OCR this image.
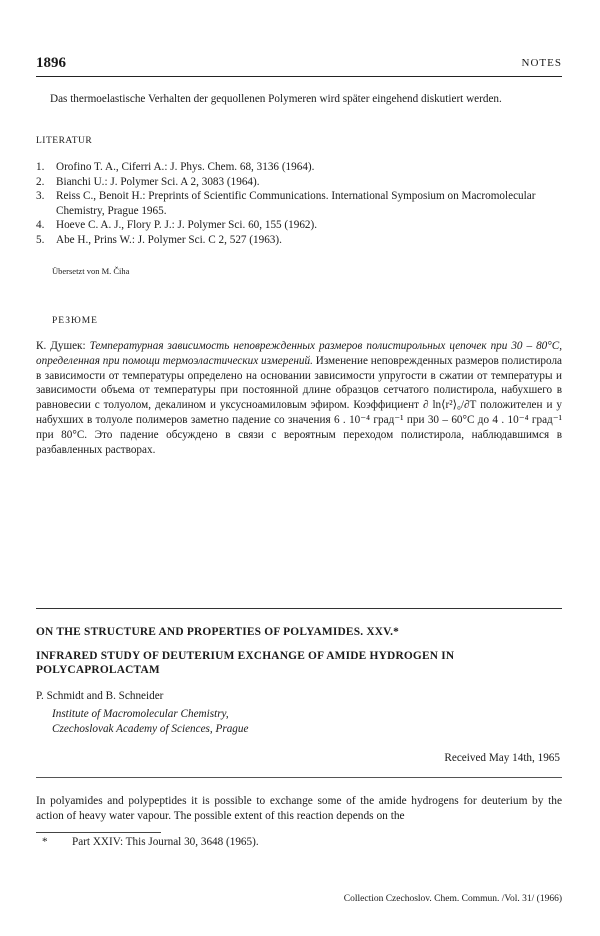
1896	NOTES

Das thermoelastische Verhalten der gequollenen Polymeren wird später eingehend diskutiert werden.

LITERATUR

1. Orofino T. A., Ciferri A.: J. Phys. Chem. 68, 3136 (1964).
2. Bianchi U.: J. Polymer Sci. A 2, 3083 (1964).
3. Reiss C., Benoit H.: Preprints of Scientific Communications. International Symposium on Macromolecular Chemistry, Prague 1965.
4. Hoeve C. A. J., Flory P. J.: J. Polymer Sci. 60, 155 (1962).
5. Abe H., Prins W.: J. Polymer Sci. C 2, 527 (1963).

Übersetzt von M. Čiha

РЕЗЮМЕ

К. Душек: Температурная зависимость неповрежденных размеров полистирольных цепочек при 30 – 80°С, определенная при помощи термоэластических измерений. Изменение неповрежденных размеров полистирола в зависимости от температуры определено на основании зависимости упругости в сжатии от температуры и зависимости объема от температуры при постоянной длине образцов сетчатого полистирола, набухшего в равновесии с толуолом, декалином и уксусноамиловым эфиром. Коэффициент ∂ ln⟨r²⟩₀/∂T положителен и у набухших в толуоле полимеров заметно падение со значения 6 . 10⁻⁴ град⁻¹ при 30 – 60°С до 4 . 10⁻⁴ град⁻¹ при 80°С. Это падение обсуждено в связи с вероятным переходом полистирола, наблюдавшимся в разбавленных растворах.

ON THE STRUCTURE AND PROPERTIES OF POLYAMIDES. XXV.*

INFRARED STUDY OF DEUTERIUM EXCHANGE OF AMIDE HYDROGEN IN POLYCAPROLACTAM

P. Schmidt and B. Schneider

Institute of Macromolecular Chemistry,
Czechoslovak Academy of Sciences, Prague

Received May 14th, 1965

In polyamides and polypeptides it is possible to exchange some of the amide hydrogens for deuterium by the action of heavy water vapour. The possible extent of this reaction depends on the

* Part XXIV: This Journal 30, 3648 (1965).

Collection Czechoslov. Chem. Commun. /Vol. 31/ (1966)
